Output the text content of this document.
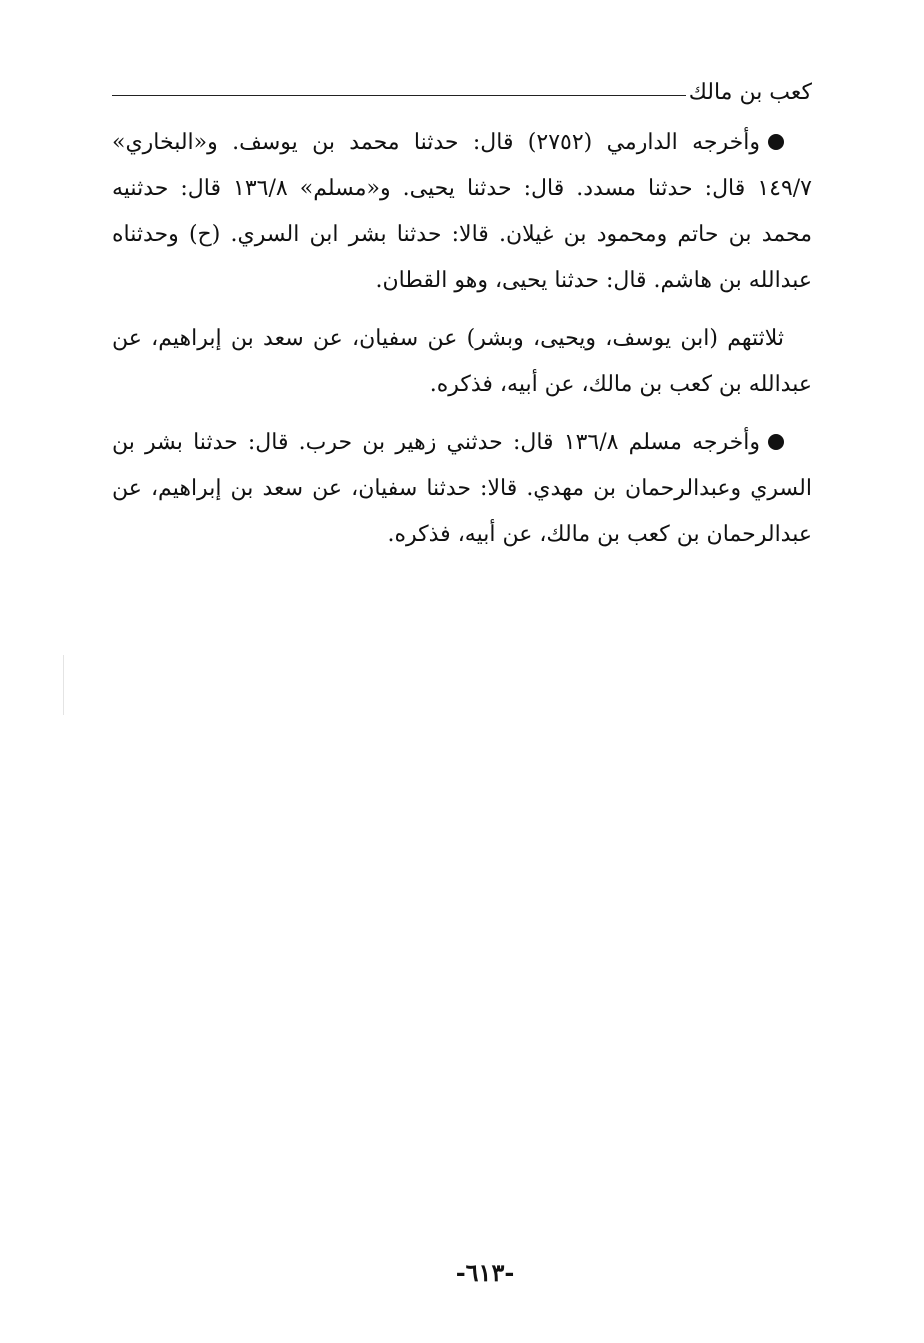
كعب بن مالك

وأخرجه الدارمي (٢٧٥٢) قال: حدثنا محمد بن يوسف. و«البخاري» ١٤٩/٧ قال: حدثنا مسدد. قال: حدثنا يحيى. و«مسلم» ١٣٦/٨ قال: حدثنيه محمد بن حاتم ومحمود بن غيلان. قالا: حدثنا بشر ابن السري. (ح) وحدثناه عبدالله بن هاشم. قال: حدثنا يحيى، وهو القطان.

ثلاثتهم (ابن يوسف، ويحيى، وبشر) عن سفيان، عن سعد بن إبراهيم، عن عبدالله بن كعب بن مالك، عن أبيه، فذكره.

وأخرجه مسلم ١٣٦/٨ قال: حدثني زهير بن حرب. قال: حدثنا بشر بن السري وعبدالرحمان بن مهدي. قالا: حدثنا سفيان، عن سعد بن إبراهيم، عن عبدالرحمان بن كعب بن مالك، عن أبيه، فذكره.

-٦١٣-
